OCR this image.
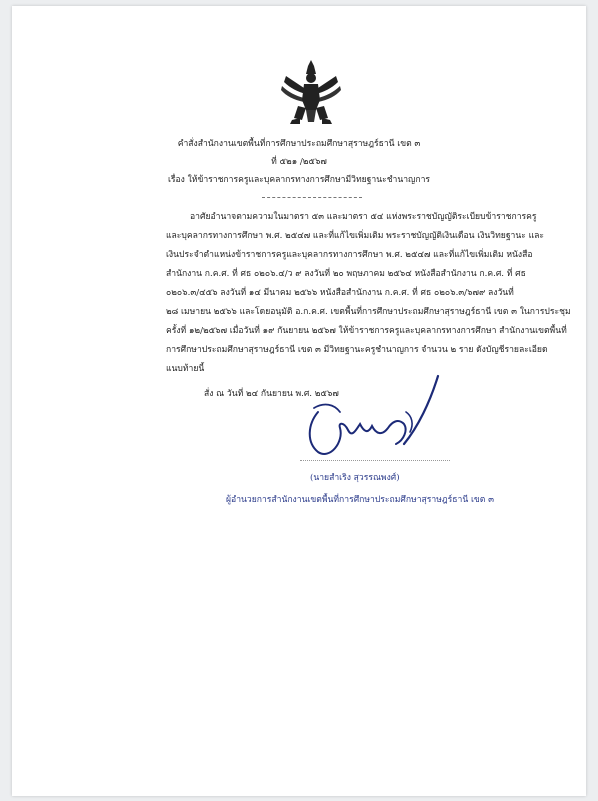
คำสั่งสำนักงานเขตพื้นที่การศึกษาประถมศึกษาสุราษฎร์ธานี เขต ๓
ที่ ๕๒๑ /๒๕๖๗
เรื่อง ให้ข้าราชการครูและบุคลากรทางการศึกษามีวิทยฐานะชำนาญการ
อาศัยอำนาจตามความในมาตรา ๕๓ และมาตรา ๕๔ แห่งพระราชบัญญัติระเบียบข้าราชการครู
และบุคลากรทางการศึกษา พ.ศ. ๒๕๔๗ และที่แก้ไขเพิ่มเติม พระราชบัญญัติเงินเดือน เงินวิทยฐานะ และ
เงินประจำตำแหน่งข้าราชการครูและบุคลากรทางการศึกษา พ.ศ. ๒๕๔๗ และที่แก้ไขเพิ่มเติม หนังสือ
สำนักงาน ก.ค.ศ. ที่ ศธ ๐๒๐๖.๔/ว ๙ ลงวันที่ ๒๐ พฤษภาคม ๒๕๖๔ หนังสือสำนักงาน ก.ค.ศ. ที่ ศธ
๐๒๐๖.๓/๔๕๖ ลงวันที่ ๑๔ มีนาคม ๒๕๖๖ หนังสือสำนักงาน ก.ค.ศ. ที่ ศธ ๐๒๐๖.๓/๖๗๙ ลงวันที่
๒๘ เมษายน ๒๕๖๖ และโดยอนุมัติ อ.ก.ค.ศ. เขตพื้นที่การศึกษาประถมศึกษาสุราษฎร์ธานี เขต ๓ ในการประชุม
ครั้งที่ ๑๒/๒๕๖๗ เมื่อวันที่ ๑๙ กันยายน ๒๕๖๗ ให้ข้าราชการครูและบุคลากรทางการศึกษา สำนักงานเขตพื้นที่
การศึกษาประถมศึกษาสุราษฎร์ธานี เขต ๓ มีวิทยฐานะครูชำนาญการ จำนวน ๒ ราย ดังบัญชีรายละเอียด
แนบท้ายนี้
สั่ง ณ วันที่ ๒๔ กันยายน พ.ศ. ๒๕๖๗
(นายสำเริง สุวรรณพงศ์)
ผู้อำนวยการสำนักงานเขตพื้นที่การศึกษาประถมศึกษาสุราษฎร์ธานี เขต ๓
